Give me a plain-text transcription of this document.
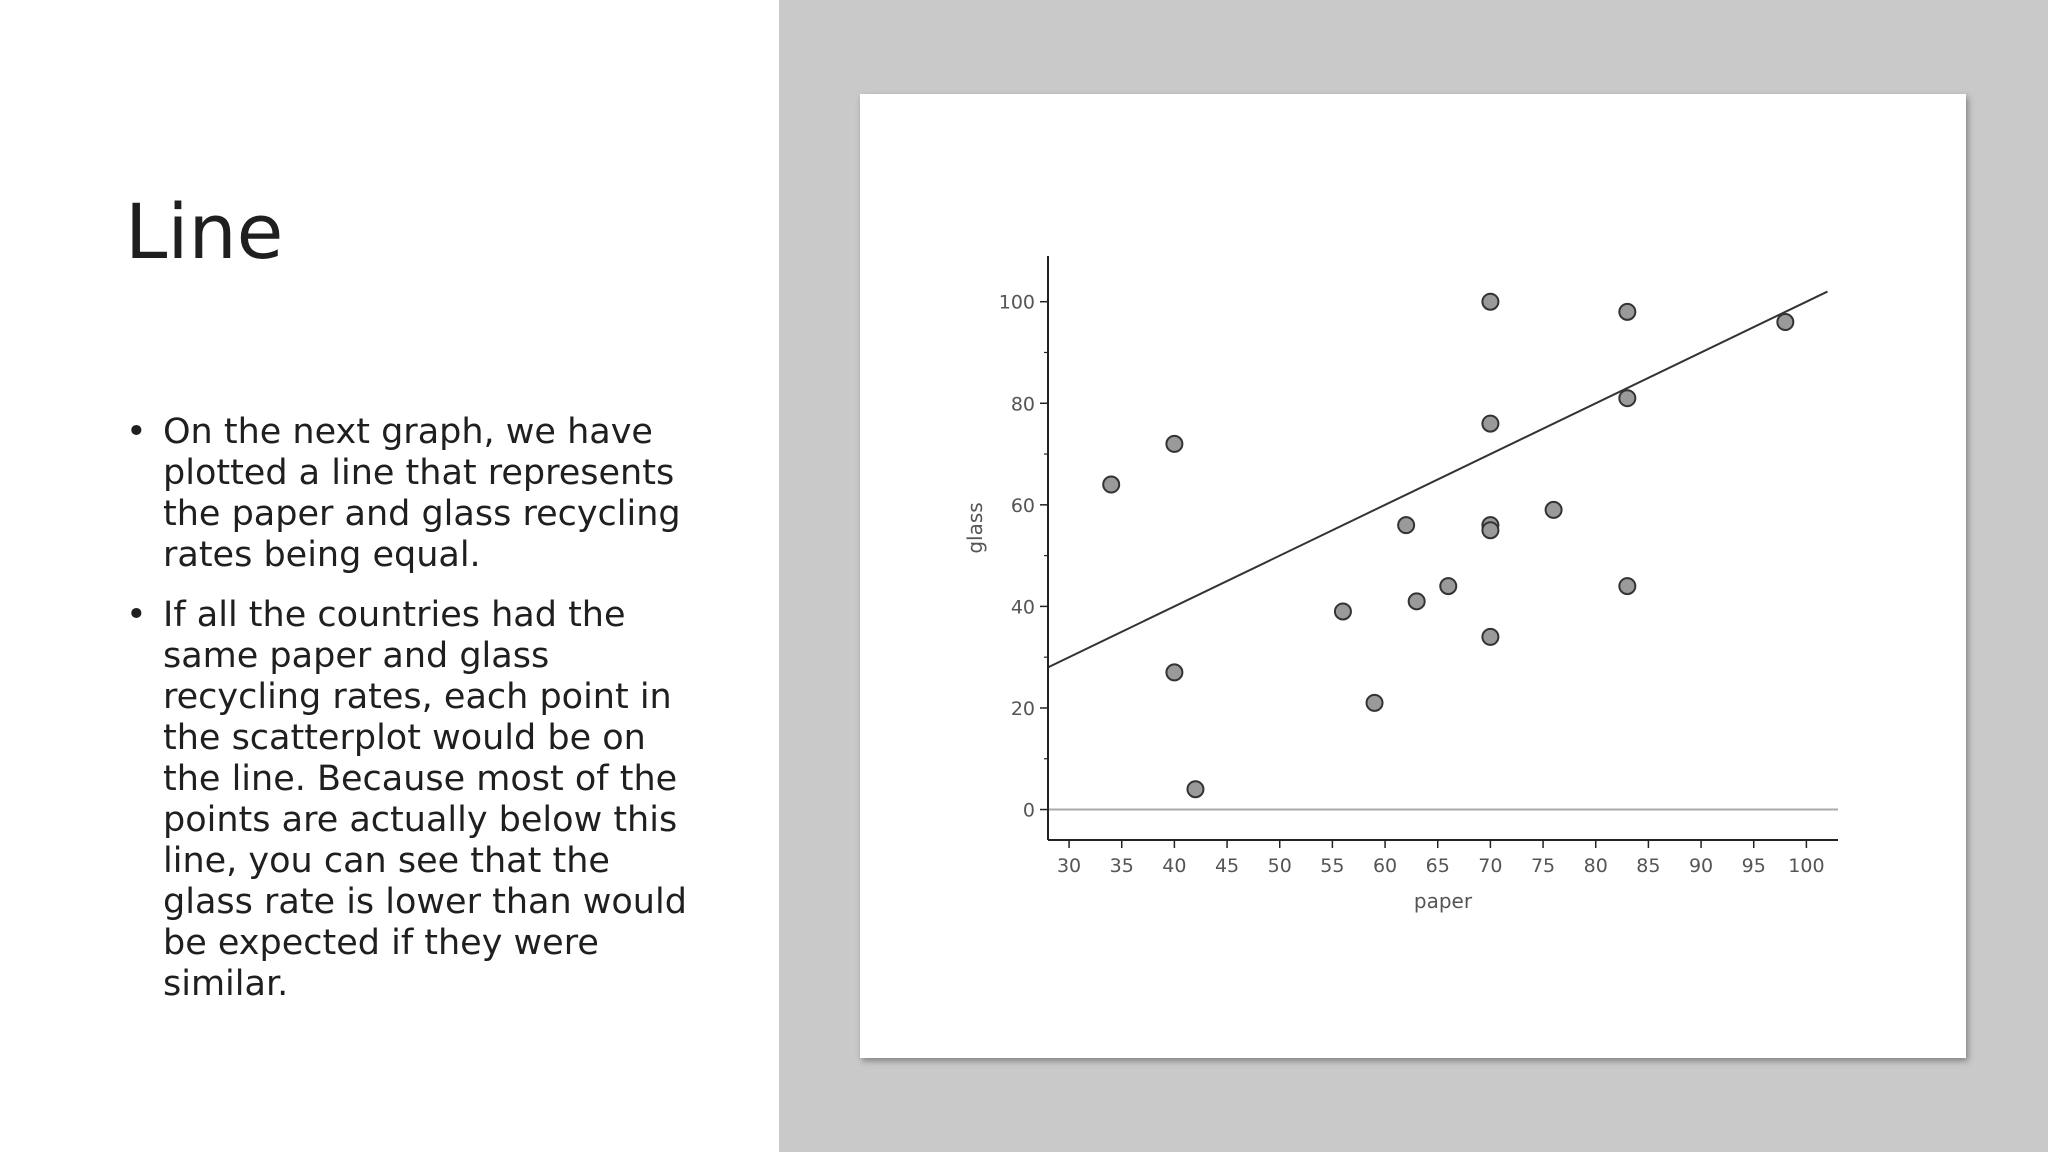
Line
• On the next graph, we have plotted a line that represents the paper and glass recycling rates being equal.
• If all the countries had the same paper and glass recycling rates, each point in the scatterplot would be on the line. Because most of the points are actually below this line, you can see that the glass rate is lower than would be expected if they were similar.
30 35 40 45 50 55 60 65 70 75 80 85 90 95 100
0
20
40
60
80
100
paper
glass
